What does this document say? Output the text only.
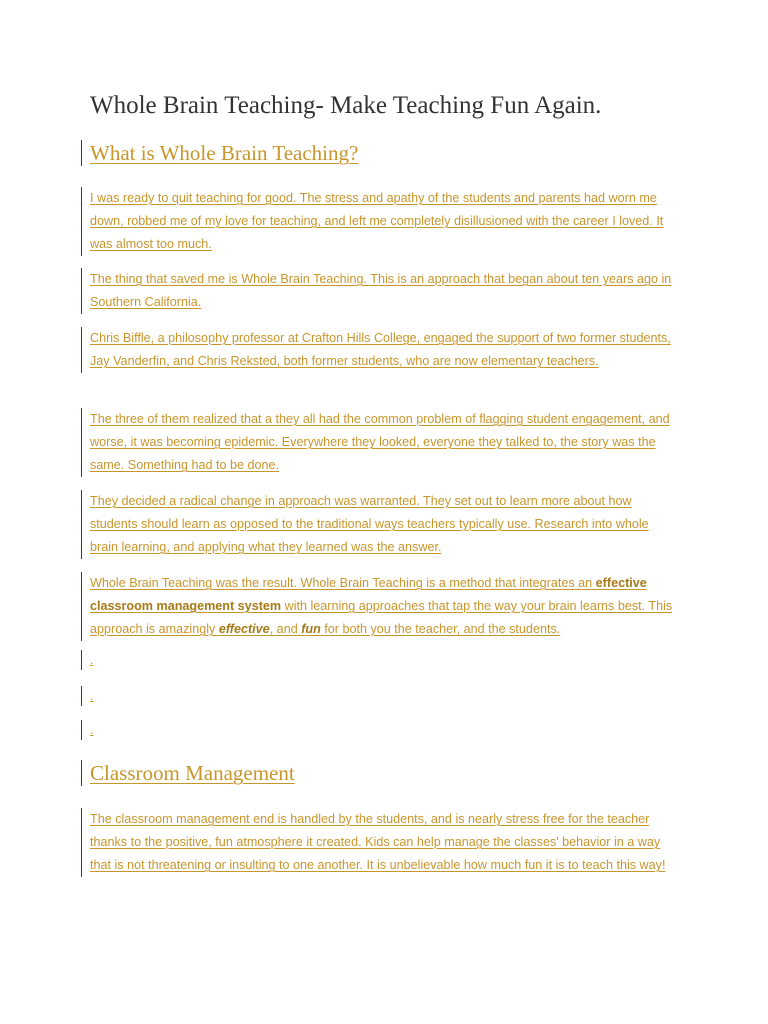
Whole Brain Teaching- Make Teaching Fun Again.
What is Whole Brain Teaching?

I was ready to quit teaching for good. The stress and apathy of the students and parents had worn me down, robbed me of my love for teaching, and left me completely disillusioned with the career I loved. It was almost too much.

The thing that saved me is Whole Brain Teaching. This is an approach that began about ten years ago in Southern California.

Chris Biffle, a philosophy professor at Crafton Hills College, engaged the support of two former students, Jay Vanderfin, and Chris Reksted, both former students, who are now elementary teachers.

The three of them realized that a they all had the common problem of flagging student engagement, and worse, it was becoming epidemic. Everywhere they looked, everyone they talked to, the story was the same. Something had to be done.

They decided a radical change in approach was warranted. They set out to learn more about how students should learn as opposed to the traditional ways teachers typically use. Research into whole brain learning, and applying what they learned was the answer.

Whole Brain Teaching was the result. Whole Brain Teaching is a method that integrates an effective classroom management system with learning approaches that tap the way your brain learns best. This approach is amazingly effective, and fun for both you the teacher, and the students.

.
.
.
Classroom Management

The classroom management end is handled by the students, and is nearly stress free for the teacher thanks to the positive, fun atmosphere it created. Kids can help manage the classes' behavior in a way that is not threatening or insulting to one another. It is unbelievable how much fun it is to teach this way!
